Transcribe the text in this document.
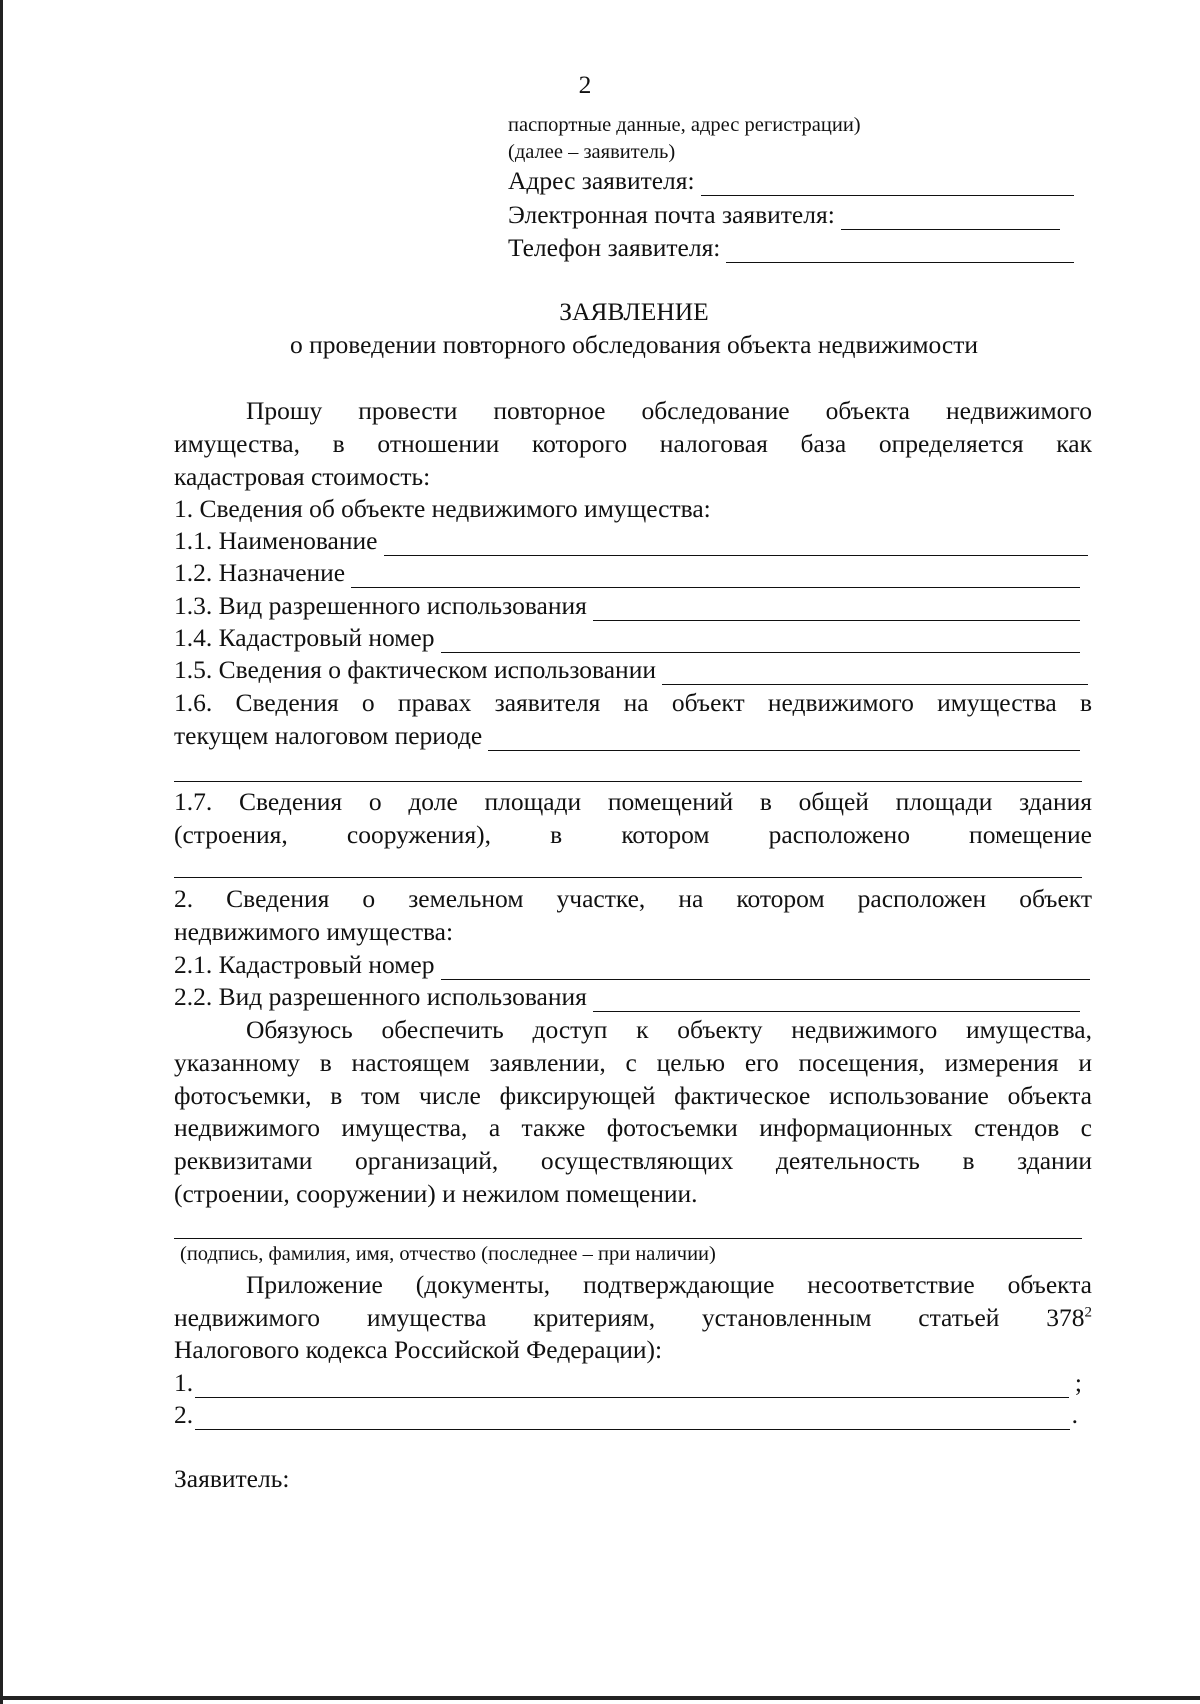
2
паспортные данные, адрес регистрации)
(далее – заявитель)
Адрес заявителя:
Электронная почта заявителя:
Телефон заявителя:
ЗАЯВЛЕНИЕ
о проведении повторного обследования объекта недвижимости
Прошу провести повторное обследование объекта недвижимого
имущества, в отношении которого налоговая база определяется как
кадастровая стоимость:
1. Сведения об объекте недвижимого имущества:
1.1. Наименование
1.2. Назначение
1.3. Вид разрешенного использования
1.4. Кадастровый номер
1.5. Сведения о фактическом использовании
1.6. Сведения о правах заявителя на объект недвижимого имущества в
текущем налоговом периоде
1.7. Сведения о доле площади помещений в общей площади здания
(строения, сооружения), в котором расположено помещение
2. Сведения о земельном участке, на котором расположен объект
недвижимого имущества:
2.1. Кадастровый номер
2.2. Вид разрешенного использования
Обязуюсь обеспечить доступ к объекту недвижимого имущества,
указанному в настоящем заявлении, с целью его посещения, измерения и
фотосъемки, в том числе фиксирующей фактическое использование объекта
недвижимого имущества, а также фотосъемки информационных стендов с
реквизитами организаций, осуществляющих деятельность в здании
(строении, сооружении) и нежилом помещении.
(подпись, фамилия, имя, отчество (последнее – при наличии)
Приложение (документы, подтверждающие несоответствие объекта
недвижимого имущества критериям, установленным статьей $378^2$
Налогового кодекса Российской Федерации):
1.	;
2.	.
Заявитель:
